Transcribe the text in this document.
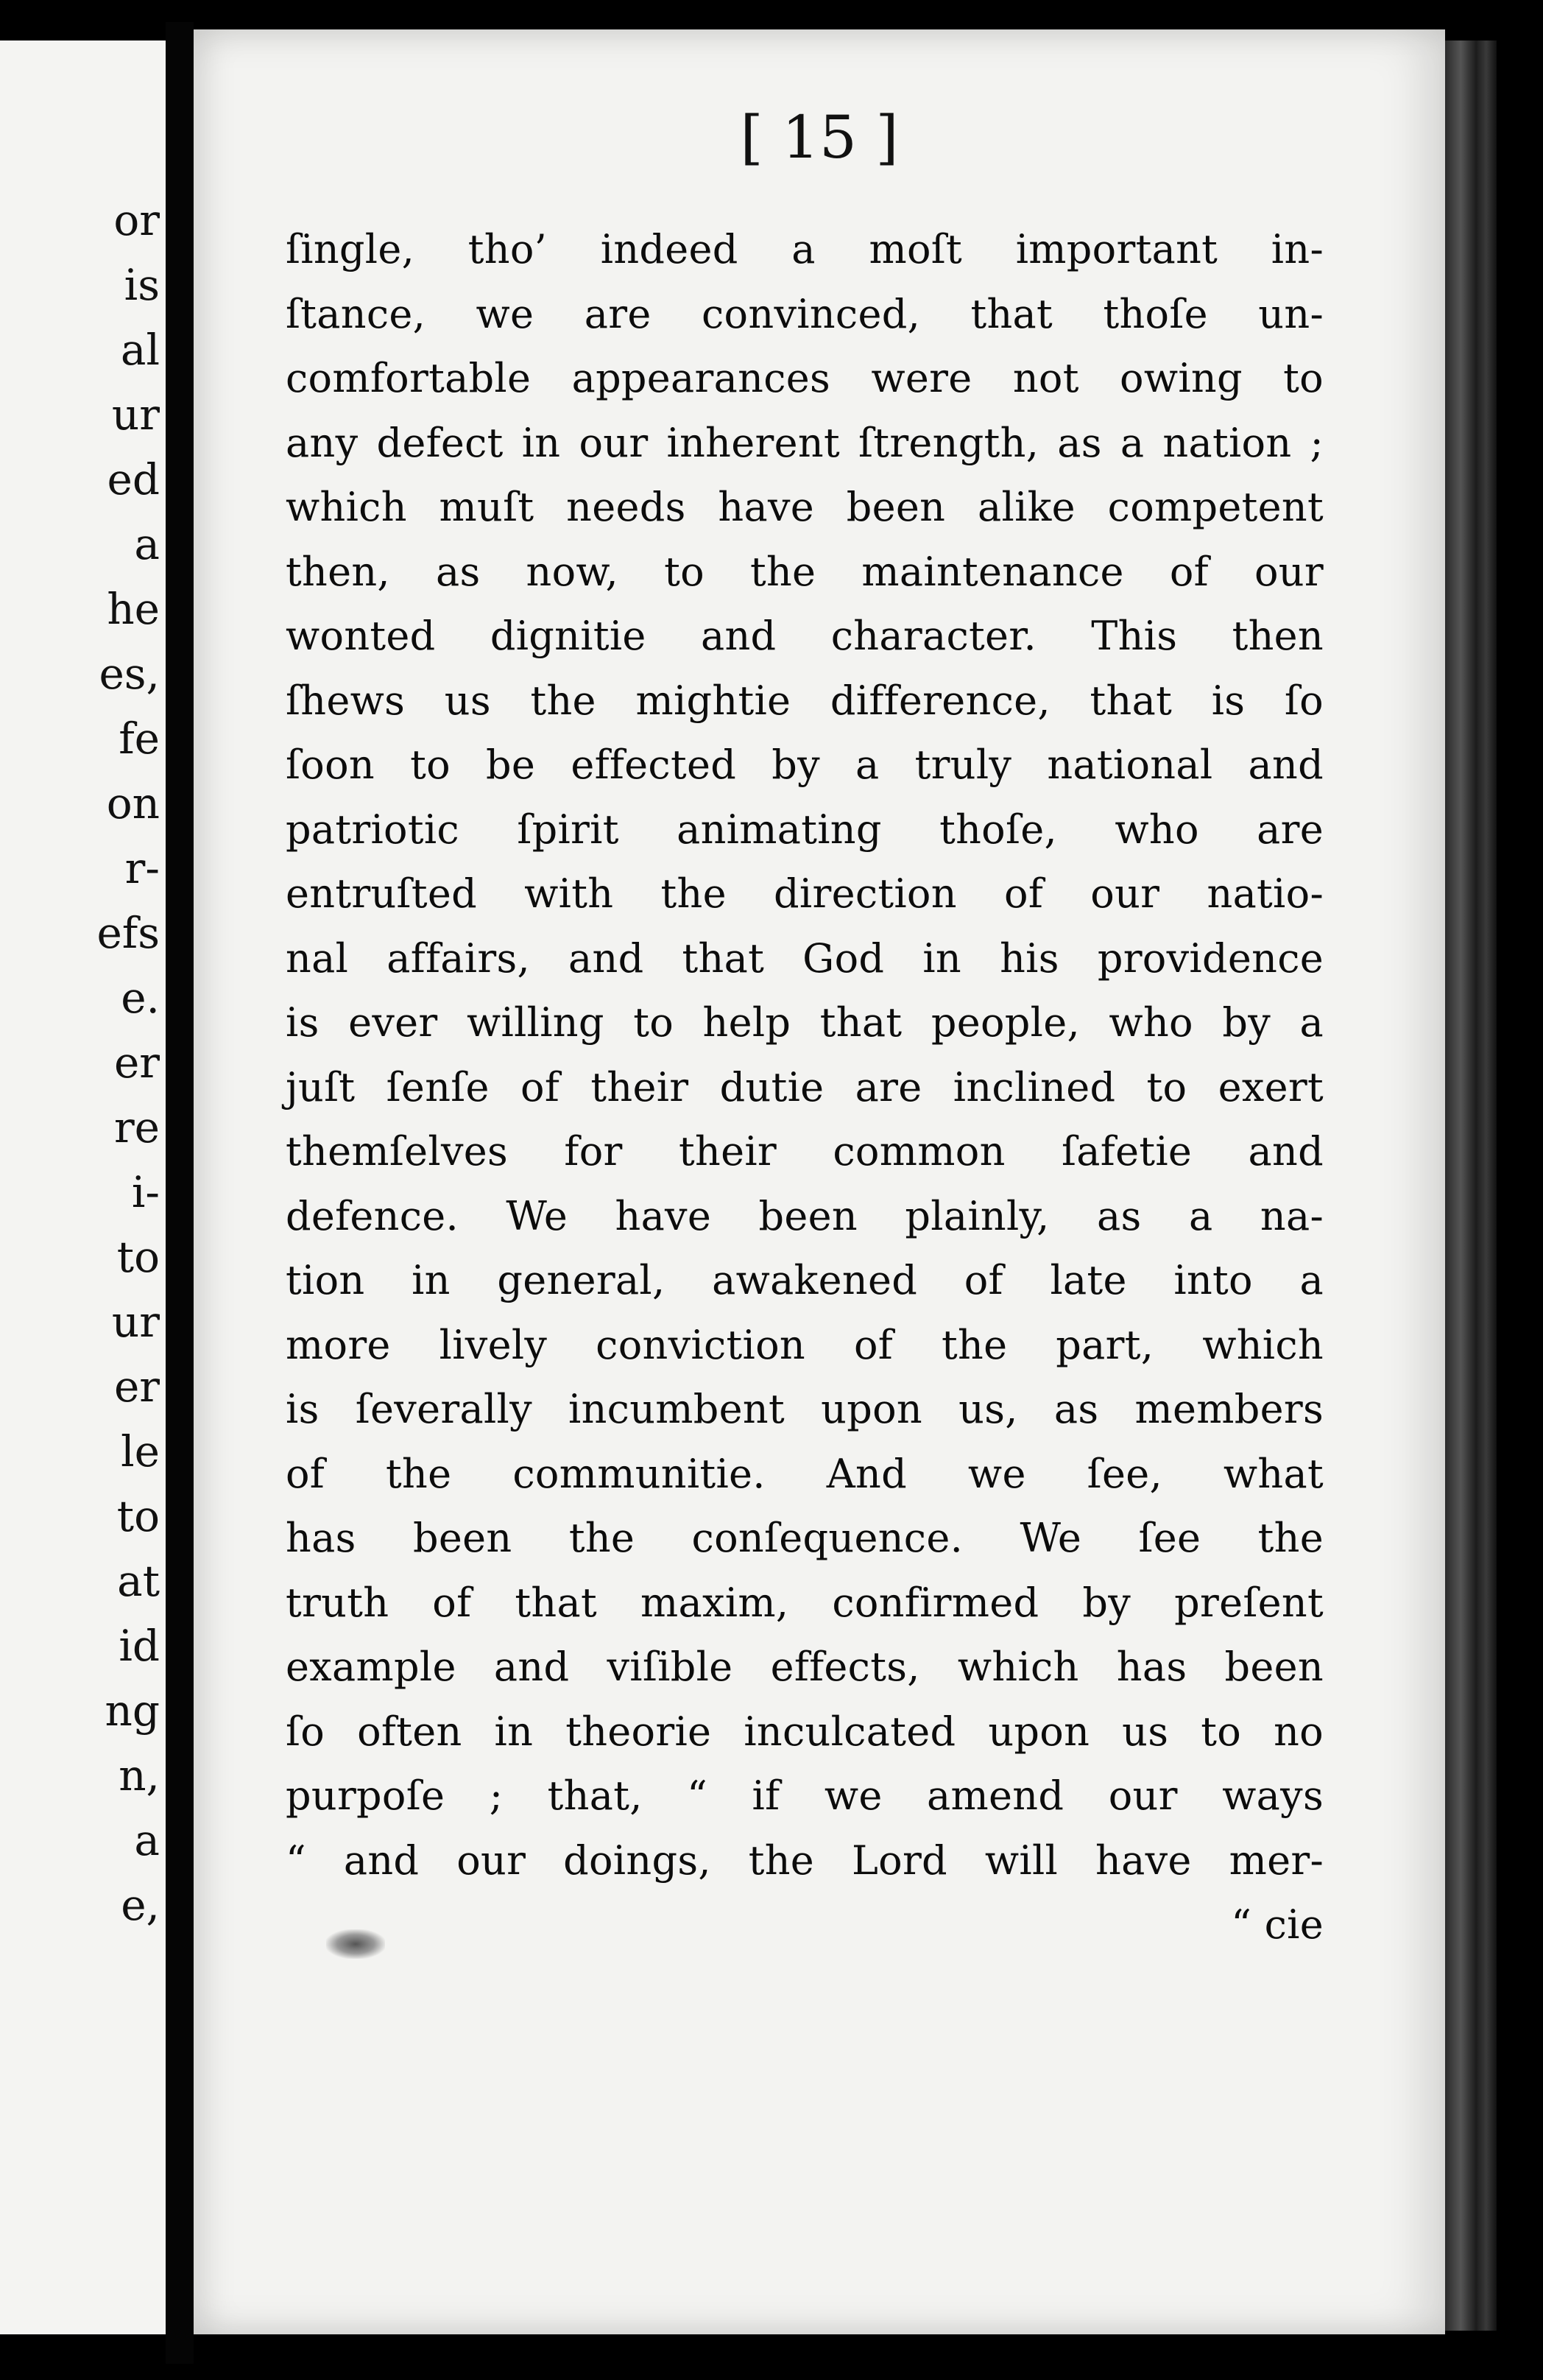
or
is
al
ur
ed
a
he
es,
fe
on
r-
efs
e.
er
re
i-
to
ur
er
le
to
at
id
ng
n,
a
e,
[ 15 ]
ſingle, tho’ indeed a moſt important in-
ſtance, we are convinced, that thoſe un-
comfortable appearances were not owing to
any defect in our inherent ſtrength, as a nation ;
which muſt needs have been alike competent
then, as now, to the maintenance of our
wonted dignitie and character. This then
ſhews us the mightie difference, that is ſo
ſoon to be effected by a truly national and
patriotic ſpirit animating thoſe, who are
entruſted with the direction of our natio-
nal affairs, and that God in his providence
is ever willing to help that people, who by a
juſt ſenſe of their dutie are inclined to exert
themſelves for their common ſafetie and
defence. We have been plainly, as a na-
tion in general, awakened of late into a
more lively conviction of the part, which
is ſeverally incumbent upon us, as members
of the communitie. And we ſee, what
has been the conſequence. We ſee the
truth of that maxim, confirmed by preſent
example and viſible effects, which has been
ſo often in theorie inculcated upon us to no
purpoſe ; that, “ if we amend our ways
“ and our doings, the Lord will have mer-
“ cie
